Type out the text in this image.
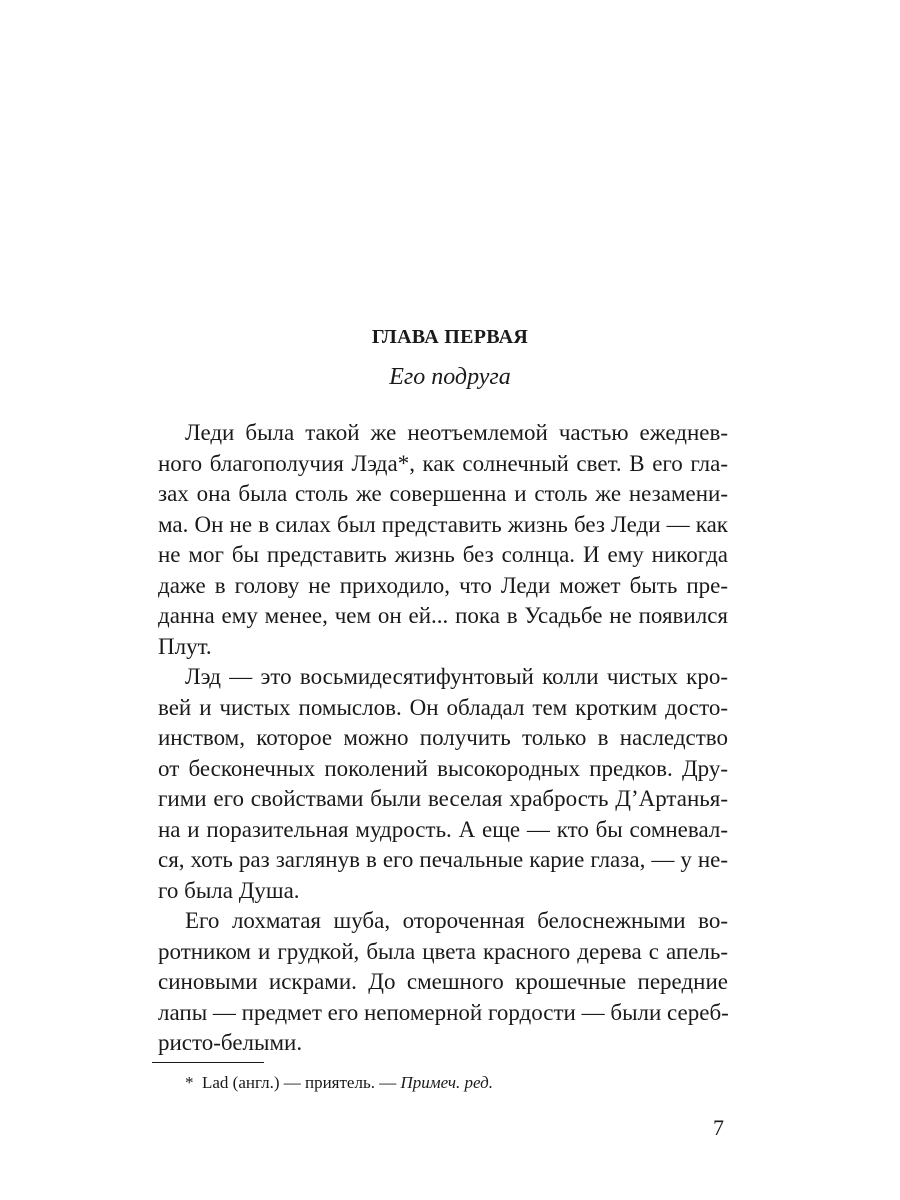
ГЛАВА ПЕРВАЯ
Его подруга
Леди была такой же неотъемлемой частью ежеднев-
ного благополучия Лэда*, как солнечный свет. В его гла-
зах она была столь же совершенна и столь же незамени-
ма. Он не в силах был представить жизнь без Леди — как
не мог бы представить жизнь без солнца. И ему никогда
даже в голову не приходило, что Леди может быть пре-
данна ему менее, чем он ей... пока в Усадьбе не появился
Плут.
Лэд — это восьмидесятифунтовый колли чистых кро-
вей и чистых помыслов. Он обладал тем кротким досто-
инством, которое можно получить только в наследство
от бесконечных поколений высокородных предков. Дру-
гими его свойствами были веселая храбрость Д’Артанья-
на и поразительная мудрость. А еще — кто бы сомневал-
ся, хоть раз заглянув в его печальные карие глаза, — у не-
го была Душа.
Его лохматая шуба, отороченная белоснежными во-
ротником и грудкой, была цвета красного дерева с апель-
синовыми искрами. До смешного крошечные передние
лапы — предмет его непомерной гордости — были сереб-
ристо-белыми.
* Lad (англ.) — приятель. — Примеч. ред.
7
